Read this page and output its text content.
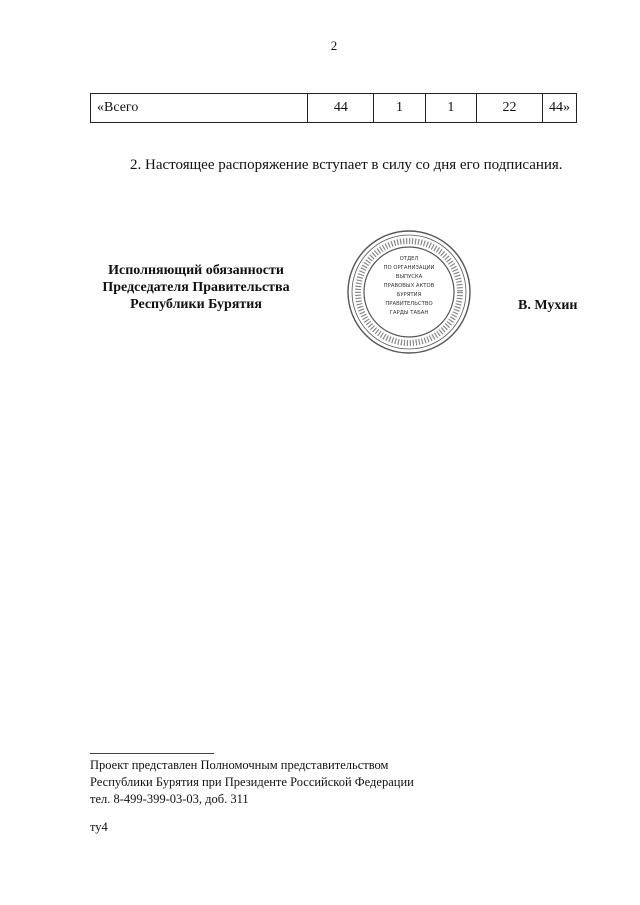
2
«Всего	44	1	1	22	44»
2. Настоящее распоряжение вступает в силу со дня его подписания.
Исполняющий обязанности
Председателя Правительства
Республики Бурятия	В. Мухин
ОТДЕЛ
ПО ОРГАНИЗАЦИИ
ВЫПУСКА
ПРАВОВЫХ АКТОВ
БУРЯТИЯ
ПРАВИТЕЛЬСТВО
ГАРДЫ ТАБАН
Проект представлен Полномочным представительством
Республики Бурятия при Президенте Российской Федерации
тел. 8-499-399-03-03, доб. 311
ту4
